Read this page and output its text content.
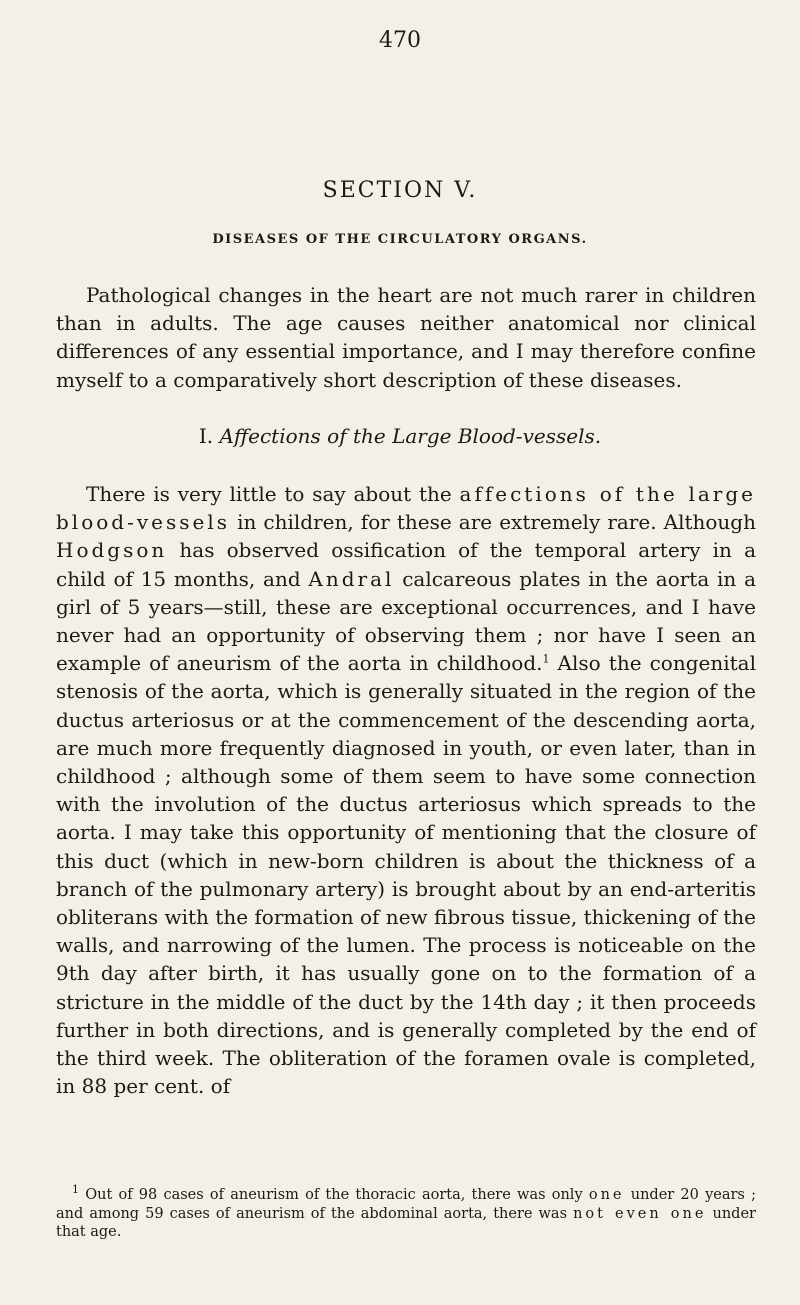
470
SECTION V.
DISEASES OF THE CIRCULATORY ORGANS.

Pathological changes in the heart are not much rarer in children than in adults. The age causes neither anatomical nor clinical differences of any essential importance, and I may therefore confine myself to a comparatively short description of these diseases.

I. Affections of the Large Blood-vessels.

There is very little to say about the affections of the large blood-vessels in children, for these are extremely rare. Although Hodgson has observed ossification of the temporal artery in a child of 15 months, and Andral calcareous plates in the aorta in a girl of 5 years—still, these are exceptional occurrences, and I have never had an opportunity of observing them ; nor have I seen an example of aneurism of the aorta in childhood.$^1$ Also the congenital stenosis of the aorta, which is generally situated in the region of the ductus arteriosus or at the commencement of the descending aorta, are much more frequently diagnosed in youth, or even later, than in childhood ; although some of them seem to have some connection with the involution of the ductus arteriosus which spreads to the aorta. I may take this opportunity of mentioning that the closure of this duct (which in new-born children is about the thickness of a branch of the pulmonary artery) is brought about by an end-arteritis obliterans with the formation of new fibrous tissue, thickening of the walls, and narrowing of the lumen. The process is noticeable on the 9th day after birth, it has usually gone on to the formation of a stricture in the middle of the duct by the 14th day ; it then proceeds further in both directions, and is generally completed by the end of the third week. The obliteration of the foramen ovale is completed, in 88 per cent. of

$^1$ Out of 98 cases of aneurism of the thoracic aorta, there was only one under 20 years ; and among 59 cases of aneurism of the abdominal aorta, there was not even one under that age.
